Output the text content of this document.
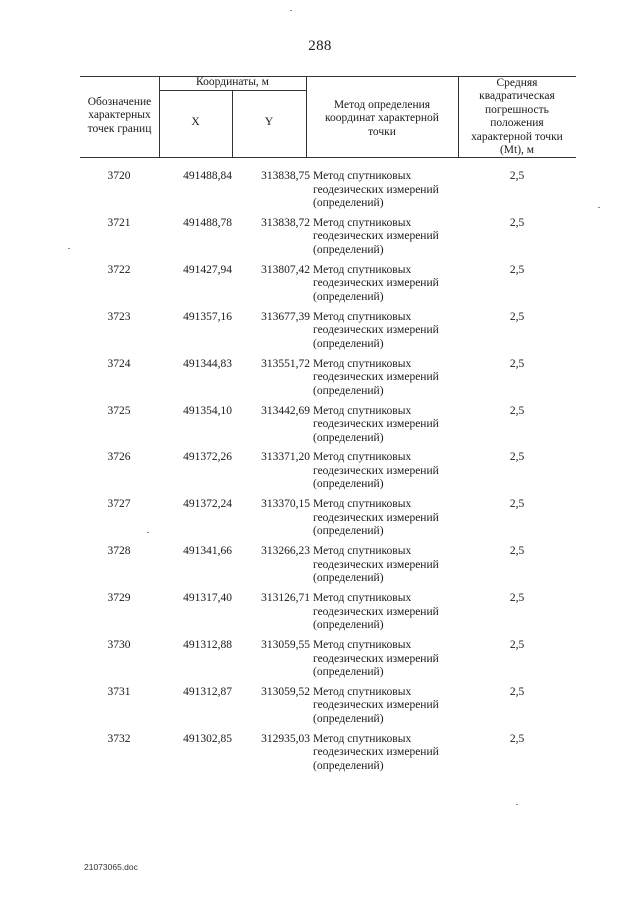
288
Обозначение
характерных
точек границ
Координаты, м
X	Y
Метод определения
координат характерной
точки
Средняя
квадратическая
погрешность
положения
характерной точки
(Mt), м
3720	491488,84	313838,75 Метод спутниковых
геодезических измерений
(определений)
2,5
3721	491488,78	313838,72 Метод спутниковых
геодезических измерений
(определений)
2,5
3722	491427,94	313807,42 Метод спутниковых
геодезических измерений
(определений)
2,5
3723	491357,16	313677,39 Метод спутниковых
геодезических измерений
(определений)
2,5
3724	491344,83	313551,72 Метод спутниковых
геодезических измерений
(определений)
2,5
3725	491354,10	313442,69 Метод спутниковых
геодезических измерений
(определений)
2,5
3726	491372,26	313371,20 Метод спутниковых
геодезических измерений
(определений)
2,5
3727	491372,24	313370,15 Метод спутниковых
геодезических измерений
(определений)
2,5
3728	491341,66	313266,23 Метод спутниковых
геодезических измерений
(определений)
2,5
3729	491317,40	313126,71 Метод спутниковых
геодезических измерений
(определений)
2,5
3730	491312,88	313059,55 Метод спутниковых
геодезических измерений
(определений)
2,5
3731	491312,87	313059,52 Метод спутниковых
геодезических измерений
(определений)
2,5
3732	491302,85	312935,03 Метод спутниковых
геодезических измерений
(определений)
2,5
21073065.doc
